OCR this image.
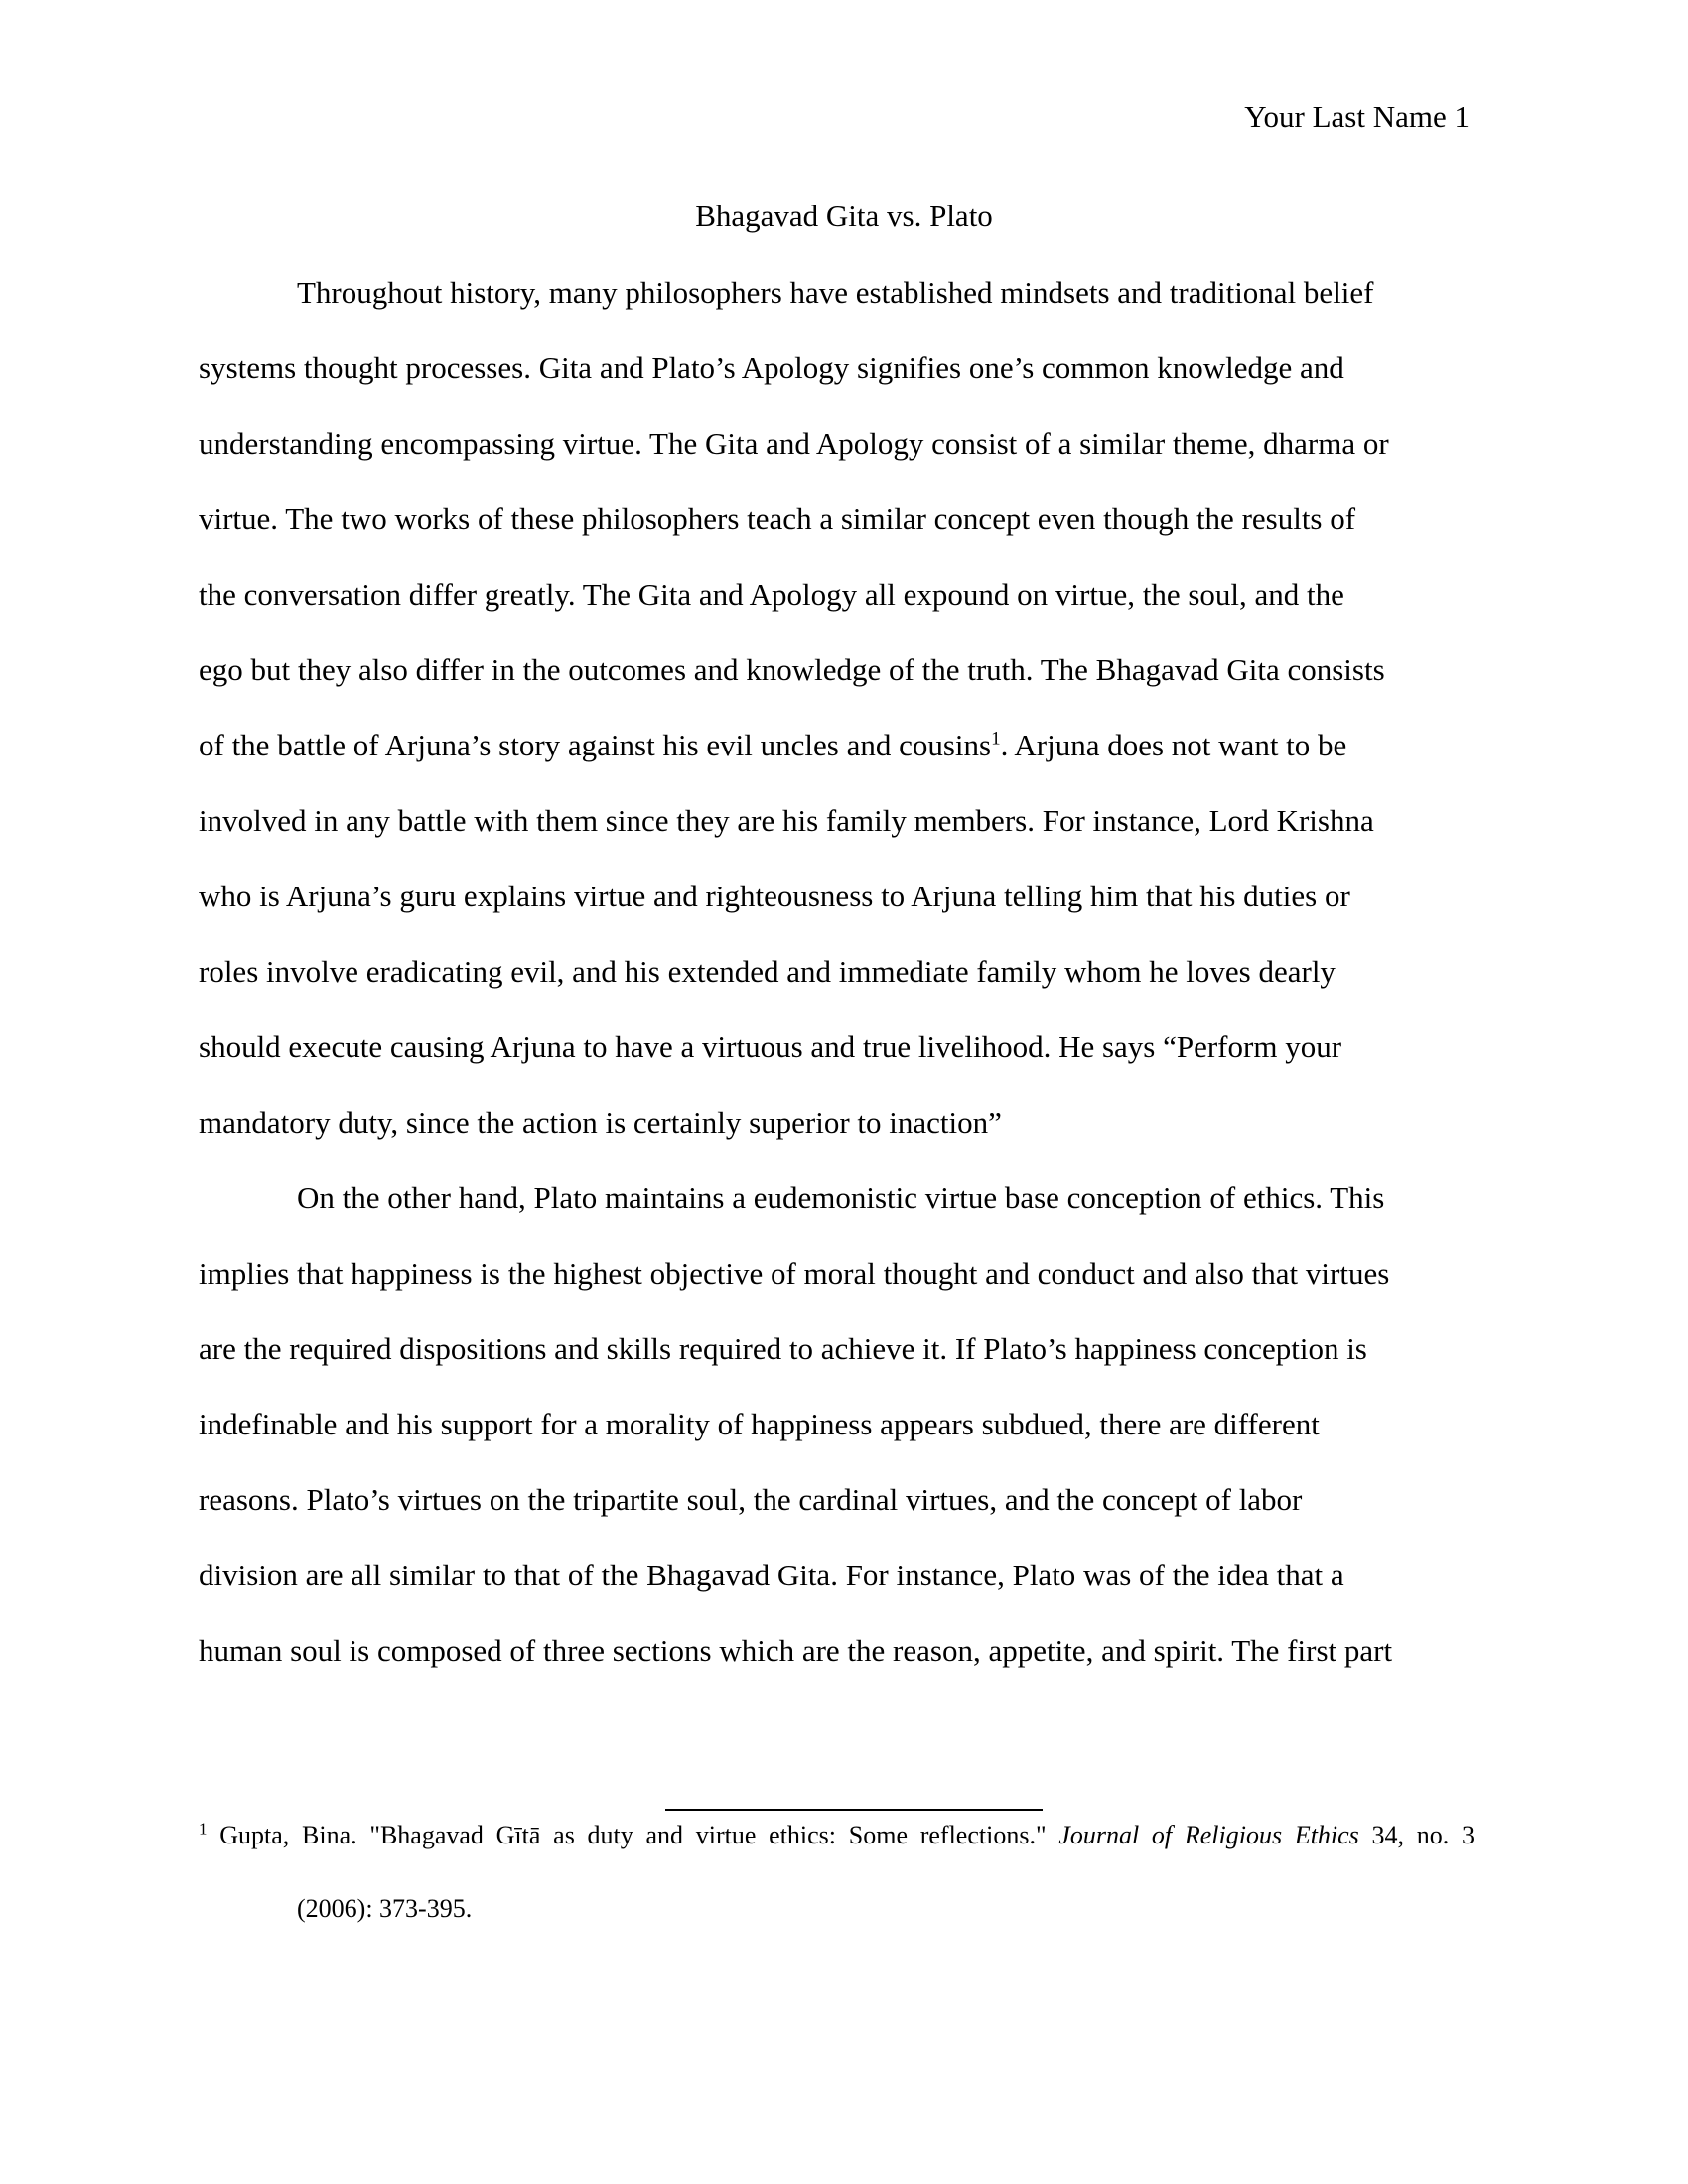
Your Last Name 1
Bhagavad Gita vs. Plato
Throughout history, many philosophers have established mindsets and traditional belief
systems thought processes. Gita and Plato’s Apology signifies one’s common knowledge and
understanding encompassing virtue. The Gita and Apology consist of a similar theme, dharma or
virtue. The two works of these philosophers teach a similar concept even though the results of
the conversation differ greatly. The Gita and Apology all expound on virtue, the soul, and the
ego but they also differ in the outcomes and knowledge of the truth. The Bhagavad Gita consists
of the battle of Arjuna’s story against his evil uncles and cousins$^1$. Arjuna does not want to be
involved in any battle with them since they are his family members. For instance, Lord Krishna
who is Arjuna’s guru explains virtue and righteousness to Arjuna telling him that his duties or
roles involve eradicating evil, and his extended and immediate family whom he loves dearly
should execute causing Arjuna to have a virtuous and true livelihood. He says “Perform your
mandatory duty, since the action is certainly superior to inaction”
On the other hand, Plato maintains a eudemonistic virtue base conception of ethics. This
implies that happiness is the highest objective of moral thought and conduct and also that virtues
are the required dispositions and skills required to achieve it. If Plato’s happiness conception is
indefinable and his support for a morality of happiness appears subdued, there are different
reasons. Plato’s virtues on the tripartite soul, the cardinal virtues, and the concept of labor
division are all similar to that of the Bhagavad Gita. For instance, Plato was of the idea that a
human soul is composed of three sections which are the reason, appetite, and spirit. The first part
$^1$ Gupta, Bina. "Bhagavad Gītā as duty and virtue ethics: Some reflections." Journal of Religious Ethics 34, no. 3
(2006): 373-395.
